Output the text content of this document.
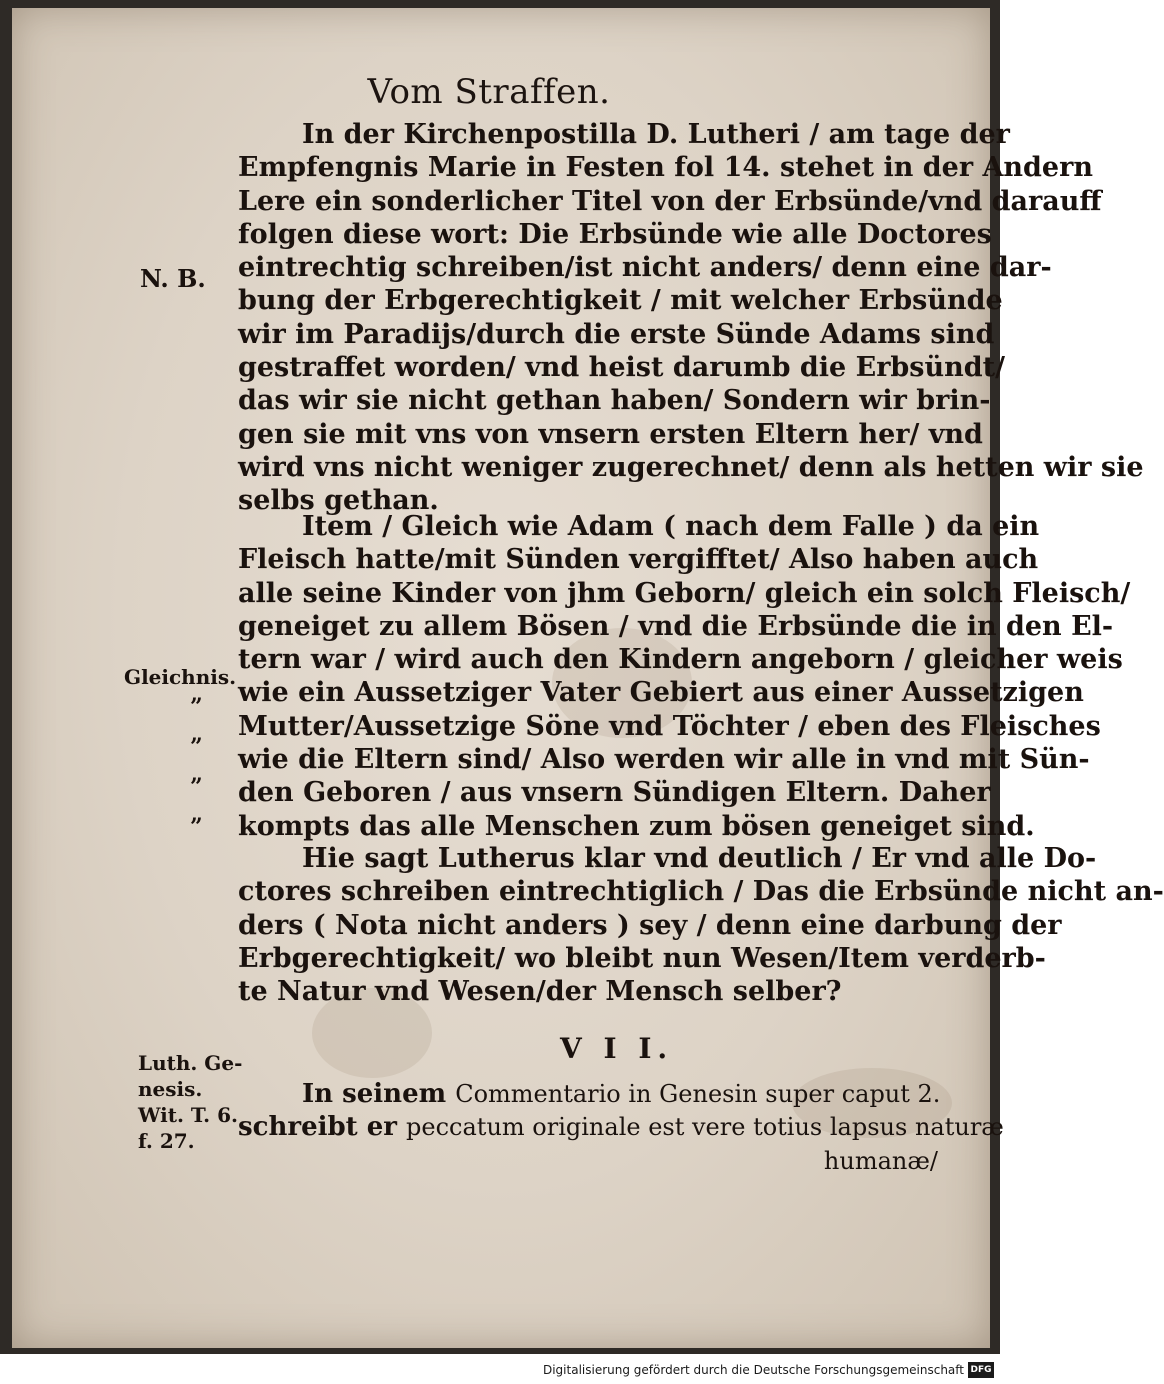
Vom Straffen.
N. B.
In der Kirchenpostilla D. Lutheri / am tage der
Empfengnis Marie in Festen fol 14. stehet in der Andern
Lere ein sonderlicher Titel von der Erbsünde/vnd darauff
folgen diese wort: Die Erbsünde wie alle Doctores
eintrechtig schreiben/ist nicht anders/ denn eine dar-
bung der Erbgerechtigkeit / mit welcher Erbsünde
wir im Paradijs/durch die erste Sünde Adams sind
gestraffet worden/ vnd heist darumb die Erbsündt/
das wir sie nicht gethan haben/ Sondern wir brin-
gen sie mit vns von vnsern ersten Eltern her/ vnd
wird vns nicht weniger zugerechnet/ denn als hetten wir sie
selbs gethan.
Item / Gleich wie Adam ( nach dem Falle ) da ein
Fleisch hatte/mit Sünden vergifftet/ Also haben auch
alle seine Kinder von jhm Geborn/ gleich ein solch Fleisch/
geneiget zu allem Bösen / vnd die Erbsünde die in den El-
tern war / wird auch den Kindern angeborn / gleicher weis
wie ein Aussetziger Vater Gebiert aus einer Aussetzigen
Mutter/Aussetzige Söne vnd Töchter / eben des Fleisches
wie die Eltern sind/ Also werden wir alle in vnd mit Sün-
den Geboren / aus vnsern Sündigen Eltern. Daher
kompts das alle Menschen zum bösen geneiget sind.
Gleichnis.
”
”
”
”
Hie sagt Lutherus klar vnd deutlich / Er vnd alle Do-
ctores schreiben eintrechtiglich / Das die Erbsünde nicht an-
ders ( Nota nicht anders ) sey / denn eine darbung der
Erbgerechtigkeit/ wo bleibt nun Wesen/Item verderb-
te Natur vnd Wesen/der Mensch selber?
V I I.
Luth. Ge-
nesis.
Wit. T. 6.
f. 27.
In seinem Commentario in Genesin super caput 2.
schreibt er peccatum originale est vere totius lapsus naturæ
humanæ/
Digitalisierung gefördert durch die Deutsche Forschungsgemeinschaft DFG
